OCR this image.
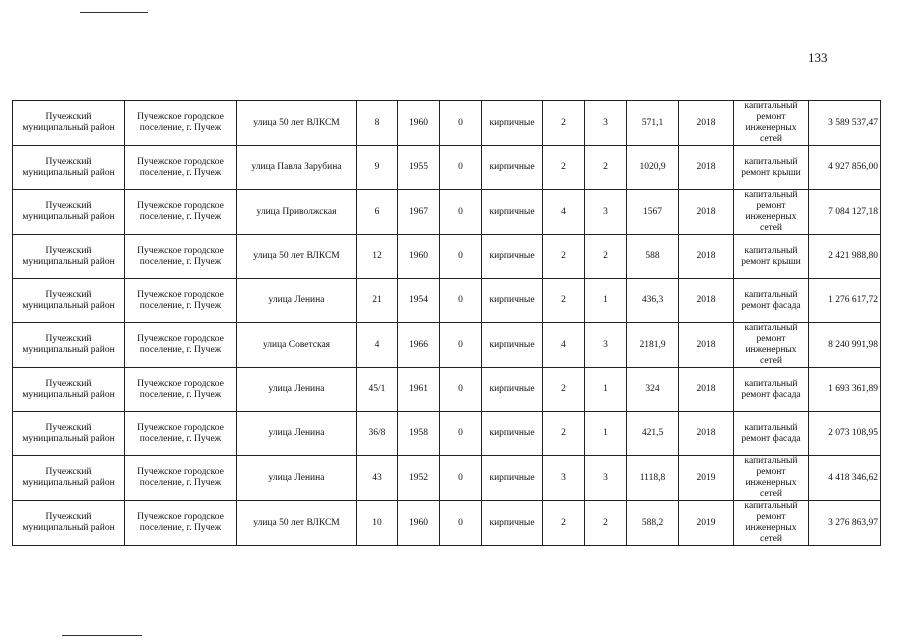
133
Пучежский муниципальный район	Пучежское городское поселение, г. Пучеж	улица 50 лет ВЛКСМ	8	1960	0	кирпичные	2	3	571,1	2018	капитальный ремонт инженерных сетей	3 589 537,47
Пучежский муниципальный район	Пучежское городское поселение, г. Пучеж	улица Павла Зарубина	9	1955	0	кирпичные	2	2	1020,9	2018	капитальный ремонт крыши	4 927 856,00
Пучежский муниципальный район	Пучежское городское поселение, г. Пучеж	улица Приволжская	6	1967	0	кирпичные	4	3	1567	2018	капитальный ремонт инженерных сетей	7 084 127,18
Пучежский муниципальный район	Пучежское городское поселение, г. Пучеж	улица 50 лет ВЛКСМ	12	1960	0	кирпичные	2	2	588	2018	капитальный ремонт крыши	2 421 988,80
Пучежский муниципальный район	Пучежское городское поселение, г. Пучеж	улица Ленина	21	1954	0	кирпичные	2	1	436,3	2018	капитальный ремонт фасада	1 276 617,72
Пучежский муниципальный район	Пучежское городское поселение, г. Пучеж	улица Советская	4	1966	0	кирпичные	4	3	2181,9	2018	капитальный ремонт инженерных сетей	8 240 991,98
Пучежский муниципальный район	Пучежское городское поселение, г. Пучеж	улица Ленина	45/1	1961	0	кирпичные	2	1	324	2018	капитальный ремонт фасада	1 693 361,89
Пучежский муниципальный район	Пучежское городское поселение, г. Пучеж	улица Ленина	36/8	1958	0	кирпичные	2	1	421,5	2018	капитальный ремонт фасада	2 073 108,95
Пучежский муниципальный район	Пучежское городское поселение, г. Пучеж	улица Ленина	43	1952	0	кирпичные	3	3	1118,8	2019	капитальный ремонт инженерных сетей	4 418 346,62
Пучежский муниципальный район	Пучежское городское поселение, г. Пучеж	улица 50 лет ВЛКСМ	10	1960	0	кирпичные	2	2	588,2	2019	капитальный ремонт инженерных сетей	3 276 863,97
